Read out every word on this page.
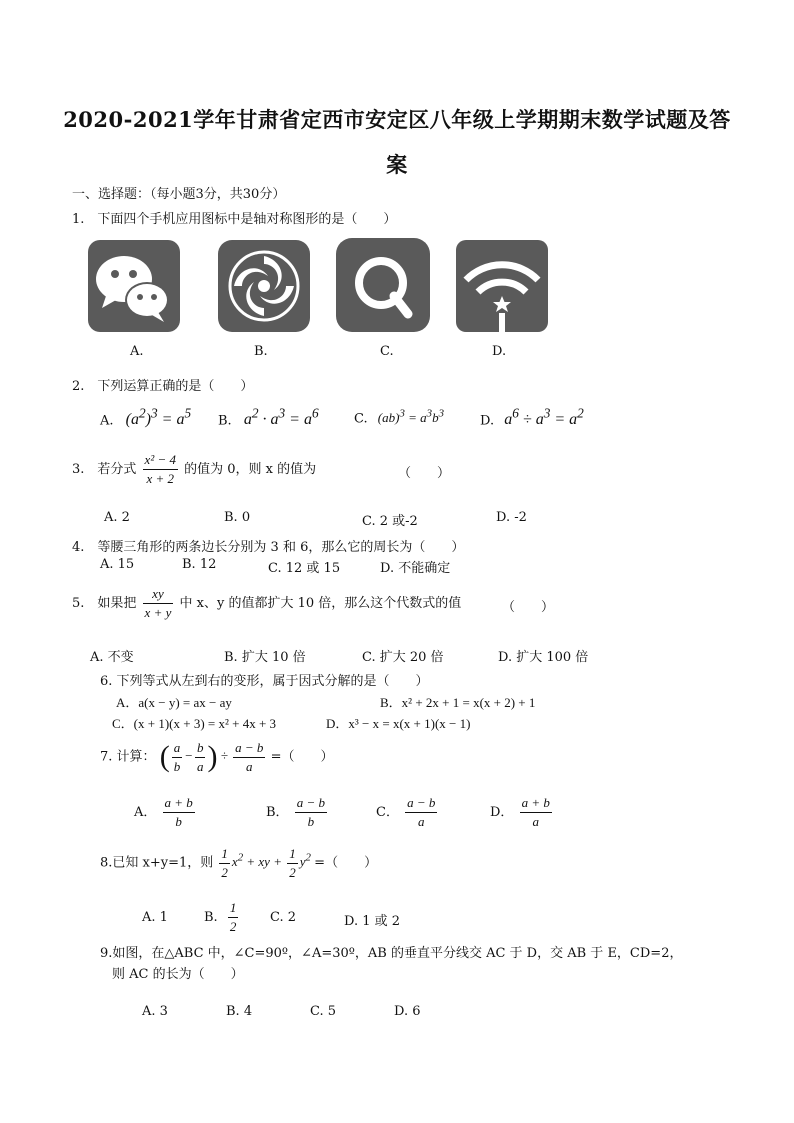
2020-2021学年甘肃省定西市安定区八年级上学期期末数学试题及答
案
一、选择题：（每小题3分，共30分）
1.　下面四个手机应用图标中是轴对称图形的是（　　）
A.	B.	C.	D.
2.　下列运算正确的是（　　）
A. $(a^2)^3 = a^5$ B. $a^2 \cdot a^3 = a^6$	C. $(ab)^3 = a^3b^3$	D. $a^6 \div a^3 = a^2$
3.　若分式 $\frac{\text{x² − 4}}{x + 2}$ 的值为 0，则 x 的值为	（　　）
A. 2	B. 0	C. 2 或-2	D. -2
4.　等腰三角形的两条边长分别为 3 和 6，那么它的周长为（　　）
A. 15	B. 12	C. 12 或 15	D. 不能确定
5.　如果把 $\frac{xy}{x + y}$ 中 x、y 的值都扩大 10 倍，那么这个代数式的值	（　　）
A. 不变	B. 扩大 10 倍	C. 扩大 20 倍	D. 扩大 100 倍
6. 下列等式从左到右的变形，属于因式分解的是（　　）
A．a(x − y) = ax − ay	B．x² + 2x + 1 = x(x + 2) + 1
C．(x + 1)(x + 3) = x² + 4x + 3	D．x³ − x = x(x + 1)(x − 1)
7. 计算： ( $\frac{a}{b} - \frac{b}{a}$ ) ÷ $\frac{a - b}{a}$ =（　　）
A． $\frac{a + b}{b}$	B． $\frac{a - b}{b}$	C． $\frac{a - b}{a}$	D． $\frac{a + b}{a}$
8.已知 x+y=1，则 $\frac{1}{2} x^2$ + xy + $\frac{1}{2} y^2$ =（　　）
A. 1	B. $\frac{1}{2} C$. 2	D. 1 或 2
9.如图，在△ABC 中，∠C=90º，∠A=30º，AB 的垂直平分线交 AC 于 D，交 AB 于 E，CD=2，
则 AC 的长为（　　）
A. 3	B. 4	C. 5	D. 6
